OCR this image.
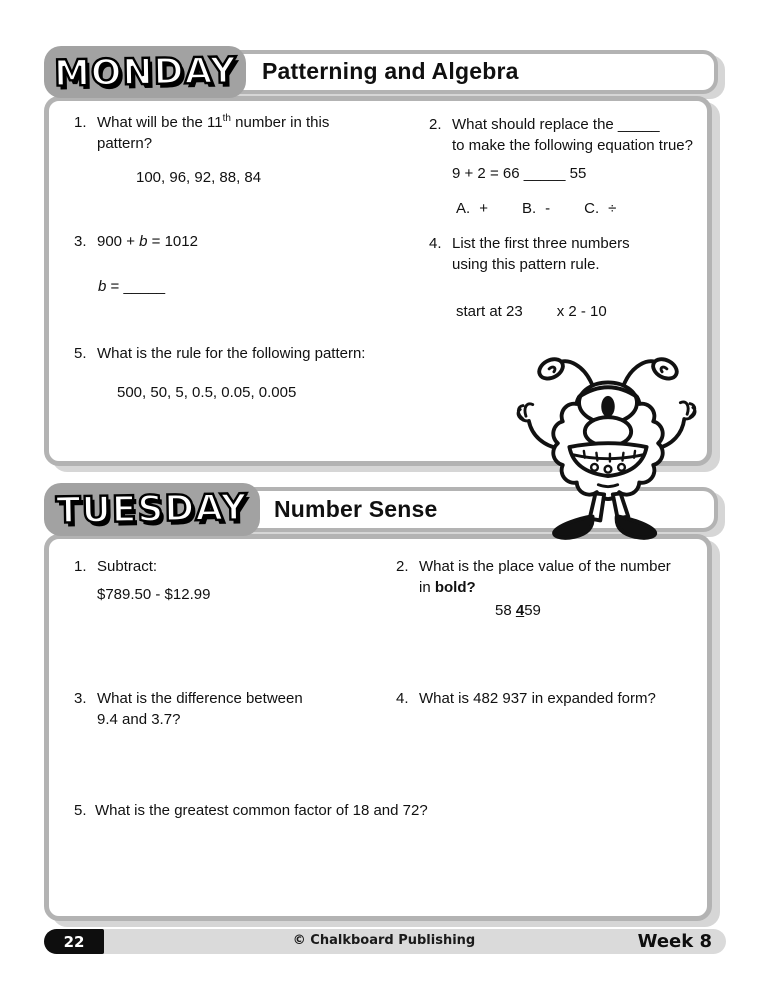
MONDAY Patterning and Algebra
1. What will be the 11th number in this
pattern?
100, 96, 92, 88, 84
2. What should replace the _____
to make the following equation true?
9 + 2 = 66 _____ 55
A. + B. - C. ÷
3. 900 + b = 1012
b = _____
4. List the first three numbers
using this pattern rule.
start at 23 x 2 - 10
5. What is the rule for the following pattern:
500, 50, 5, 0.5, 0.05, 0.005
TUESDAY Number Sense
1. Subtract:
$789.50 - $12.99
2. What is the place value of the number
in bold?
58 459
3. What is the difference between
9.4 and 3.7?
4. What is 482 937 in expanded form?
5. What is the greatest common factor of 18 and 72?
22	© Chalkboard Publishing	Week 8
